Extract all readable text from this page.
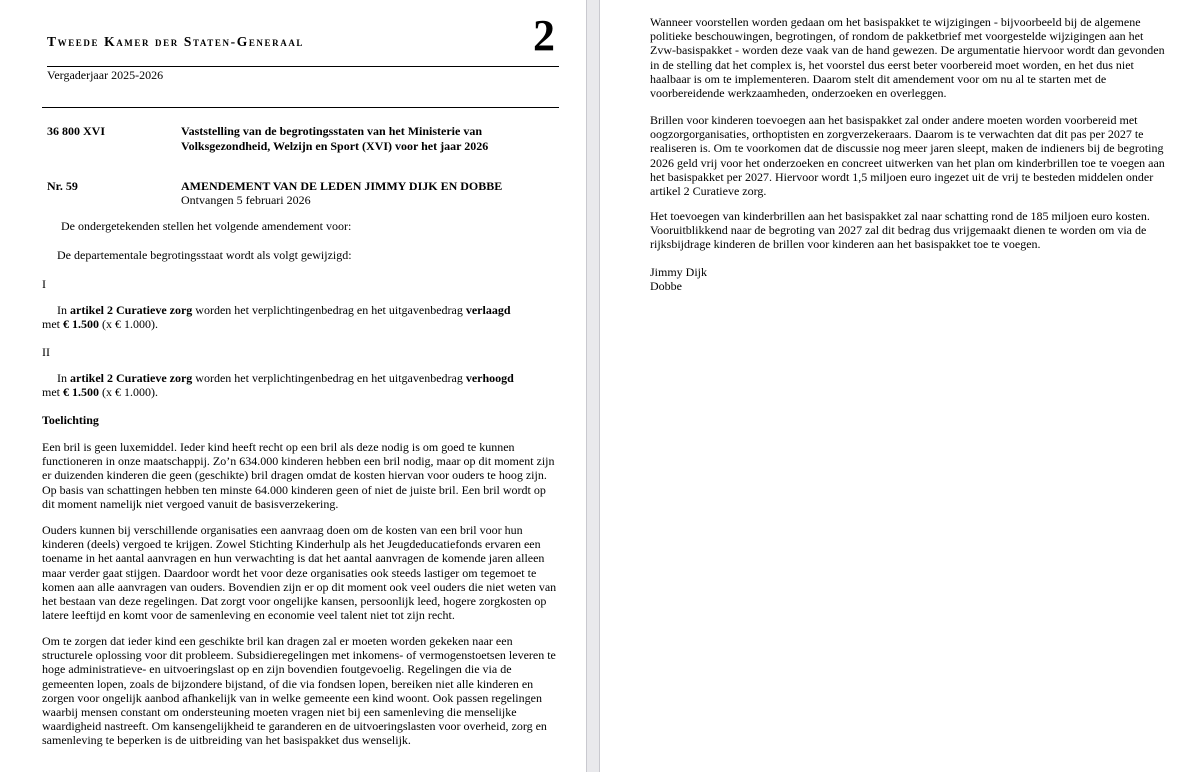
Tweede Kamer der Staten-Generaal	2
Vergaderjaar 2025-2026
36 800 XVI	Vaststelling van de begrotingsstaten van het Ministerie van Volksgezondheid, Welzijn en Sport (XVI) voor het jaar 2026
Nr. 59	AMENDEMENT VAN DE LEDEN JIMMY DIJK EN DOBBE
Ontvangen 5 februari 2026
De ondergetekenden stellen het volgende amendement voor:
De departementale begrotingsstaat wordt als volgt gewijzigd:
I
In artikel 2 Curatieve zorg worden het verplichtingenbedrag en het uitgavenbedrag verlaagd
met € 1.500 (x € 1.000).
II
In artikel 2 Curatieve zorg worden het verplichtingenbedrag en het uitgavenbedrag verhoogd
met € 1.500 (x € 1.000).
Toelichting
Een bril is geen luxemiddel. Ieder kind heeft recht op een bril als deze nodig is om goed te kunnen functioneren in onze maatschappij. Zo’n 634.000 kinderen hebben een bril nodig, maar op dit moment zijn er duizenden kinderen die geen (geschikte) bril dragen omdat de kosten hiervan voor ouders te hoog zijn. Op basis van schattingen hebben ten minste 64.000 kinderen geen of niet de juiste bril. Een bril wordt op dit moment namelijk niet vergoed vanuit de basisverzekering.
Ouders kunnen bij verschillende organisaties een aanvraag doen om de kosten van een bril voor hun kinderen (deels) vergoed te krijgen. Zowel Stichting Kinderhulp als het Jeugdeducatiefonds ervaren een toename in het aantal aanvragen en hun verwachting is dat het aantal aanvragen de komende jaren alleen maar verder gaat stijgen. Daardoor wordt het voor deze organisaties ook steeds lastiger om tegemoet te komen aan alle aanvragen van ouders. Bovendien zijn er op dit moment ook veel ouders die niet weten van het bestaan van deze regelingen. Dat zorgt voor ongelijke kansen, persoonlijk leed, hogere zorgkosten op latere leeftijd en komt voor de samenleving en economie veel talent niet tot zijn recht.
Om te zorgen dat ieder kind een geschikte bril kan dragen zal er moeten worden gekeken naar een structurele oplossing voor dit probleem. Subsidieregelingen met inkomens- of vermogenstoetsen leveren te hoge administratieve- en uitvoeringslast op en zijn bovendien foutgevoelig. Regelingen die via de gemeenten lopen, zoals de bijzondere bijstand, of die via fondsen lopen, bereiken niet alle kinderen en zorgen voor ongelijk aanbod afhankelijk van in welke gemeente een kind woont. Ook passen regelingen waarbij mensen constant om ondersteuning moeten vragen niet bij een samenleving die menselijke waardigheid nastreeft. Om kansengelijkheid te garanderen en de uitvoeringslasten voor overheid, zorg en samenleving te beperken is de uitbreiding van het basispakket dus wenselijk.
Wanneer voorstellen worden gedaan om het basispakket te wijzigingen - bijvoorbeeld bij de algemene politieke beschouwingen, begrotingen, of rondom de pakketbrief met voorgestelde wijzigingen aan het Zvw-basispakket - worden deze vaak van de hand gewezen. De argumentatie hiervoor wordt dan gevonden in de stelling dat het complex is, het voorstel dus eerst beter voorbereid moet worden, en het dus niet haalbaar is om te implementeren. Daarom stelt dit amendement voor om nu al te starten met de voorbereidende werkzaamheden, onderzoeken en overleggen.
Brillen voor kinderen toevoegen aan het basispakket zal onder andere moeten worden voorbereid met oogzorgorganisaties, orthoptisten en zorgverzekeraars. Daarom is te verwachten dat dit pas per 2027 te realiseren is. Om te voorkomen dat de discussie nog meer jaren sleept, maken de indieners bij de begroting 2026 geld vrij voor het onderzoeken en concreet uitwerken van het plan om kinderbrillen toe te voegen aan het basispakket per 2027. Hiervoor wordt 1,5 miljoen euro ingezet uit de vrij te besteden middelen onder artikel 2 Curatieve zorg.
Het toevoegen van kinderbrillen aan het basispakket zal naar schatting rond de 185 miljoen euro kosten. Vooruitblikkend naar de begroting van 2027 zal dit bedrag dus vrijgemaakt dienen te worden om via de rijksbijdrage kinderen de brillen voor kinderen aan het basispakket toe te voegen.
Jimmy Dijk
Dobbe
